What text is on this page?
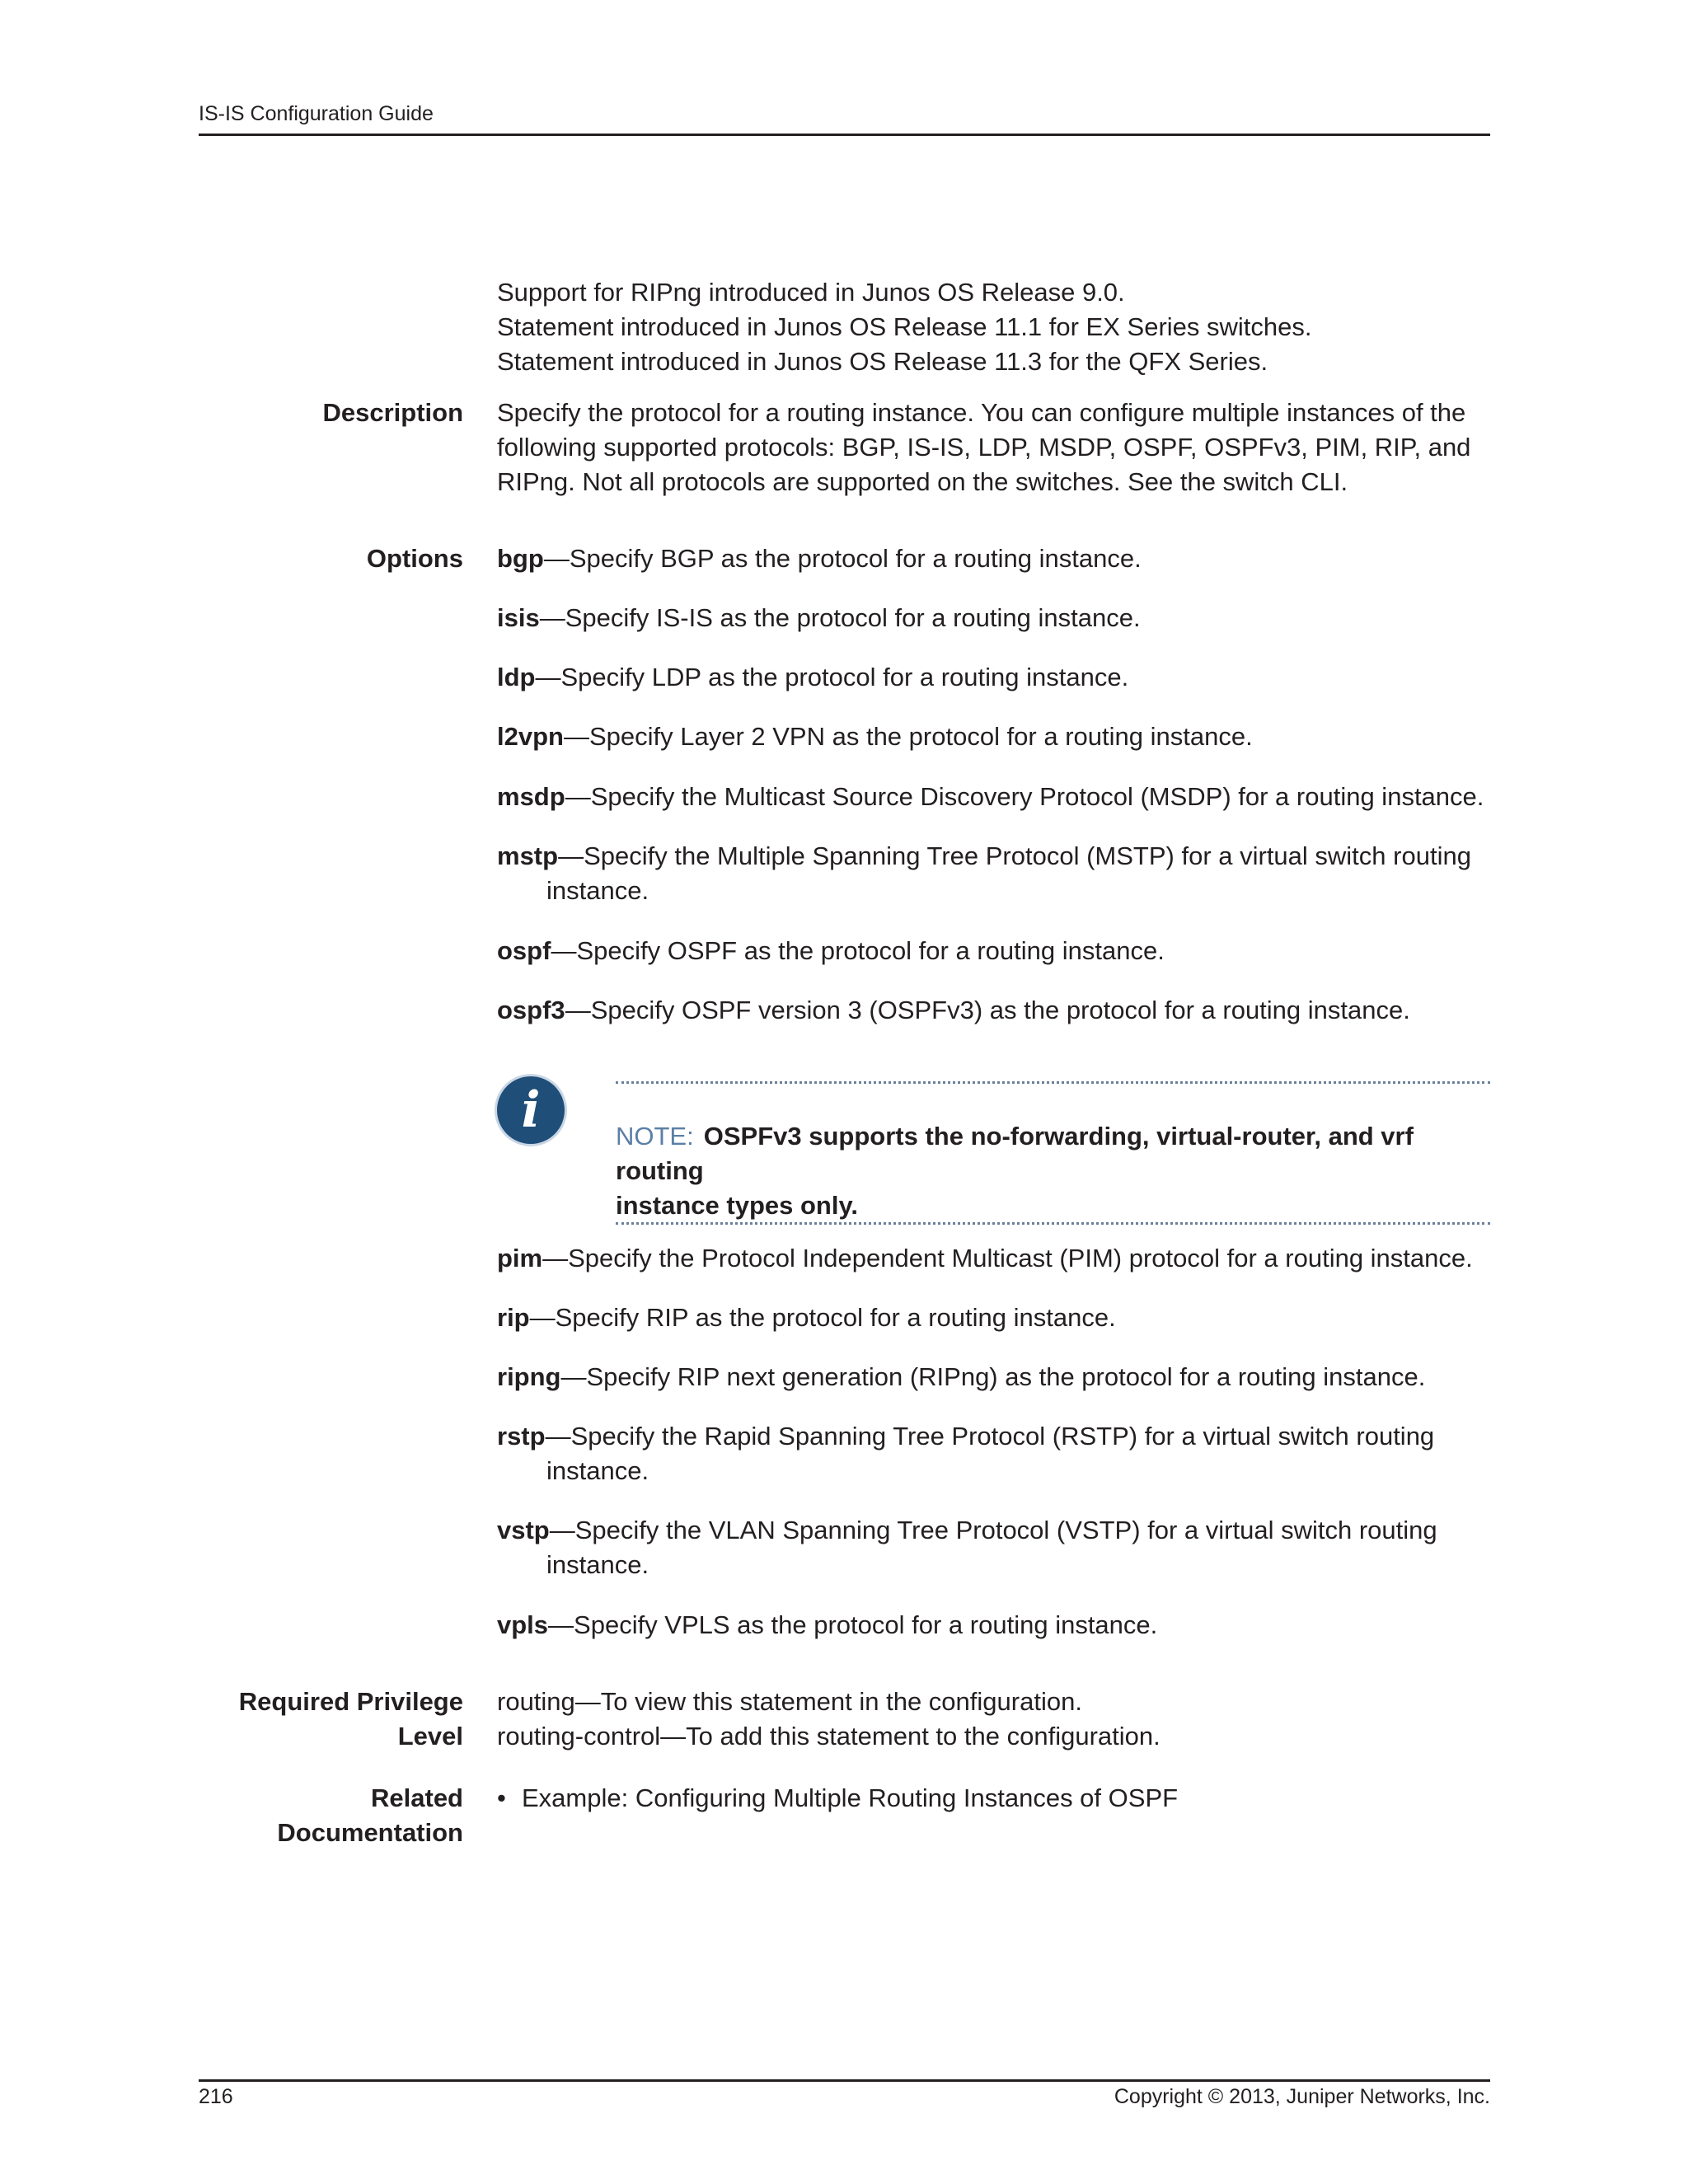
IS-IS Configuration Guide
Support for RIPng introduced in Junos OS Release 9.0.
Statement introduced in Junos OS Release 11.1 for EX Series switches.
Statement introduced in Junos OS Release 11.3 for the QFX Series.
Description Specify the protocol for a routing instance. You can configure multiple instances of the
following supported protocols: BGP, IS-IS, LDP, MSDP, OSPF, OSPFv3, PIM, RIP, and
RIPng. Not all protocols are supported on the switches. See the switch CLI.
Options bgp—Specify BGP as the protocol for a routing instance.
isis—Specify IS-IS as the protocol for a routing instance.
ldp—Specify LDP as the protocol for a routing instance.
l2vpn—Specify Layer 2 VPN as the protocol for a routing instance.
msdp—Specify the Multicast Source Discovery Protocol (MSDP) for a routing instance.
mstp—Specify the Multiple Spanning Tree Protocol (MSTP) for a virtual switch routing
instance.
ospf—Specify OSPF as the protocol for a routing instance.
ospf3—Specify OSPF version 3 (OSPFv3) as the protocol for a routing instance.
i	NOTE: OSPFv3 supports the no-forwarding, virtual-router, and vrf routing
instance types only.
pim—Specify the Protocol Independent Multicast (PIM) protocol for a routing instance.
rip—Specify RIP as the protocol for a routing instance.
ripng—Specify RIP next generation (RIPng) as the protocol for a routing instance.
rstp—Specify the Rapid Spanning Tree Protocol (RSTP) for a virtual switch routing
instance.
vstp—Specify the VLAN Spanning Tree Protocol (VSTP) for a virtual switch routing
instance.
vpls—Specify VPLS as the protocol for a routing instance.
Required Privilege
Level
routing—To view this statement in the configuration.
routing-control—To add this statement to the configuration.
Related
Documentation
• Example: Configuring Multiple Routing Instances of OSPF
216	Copyright © 2013, Juniper Networks, Inc.
